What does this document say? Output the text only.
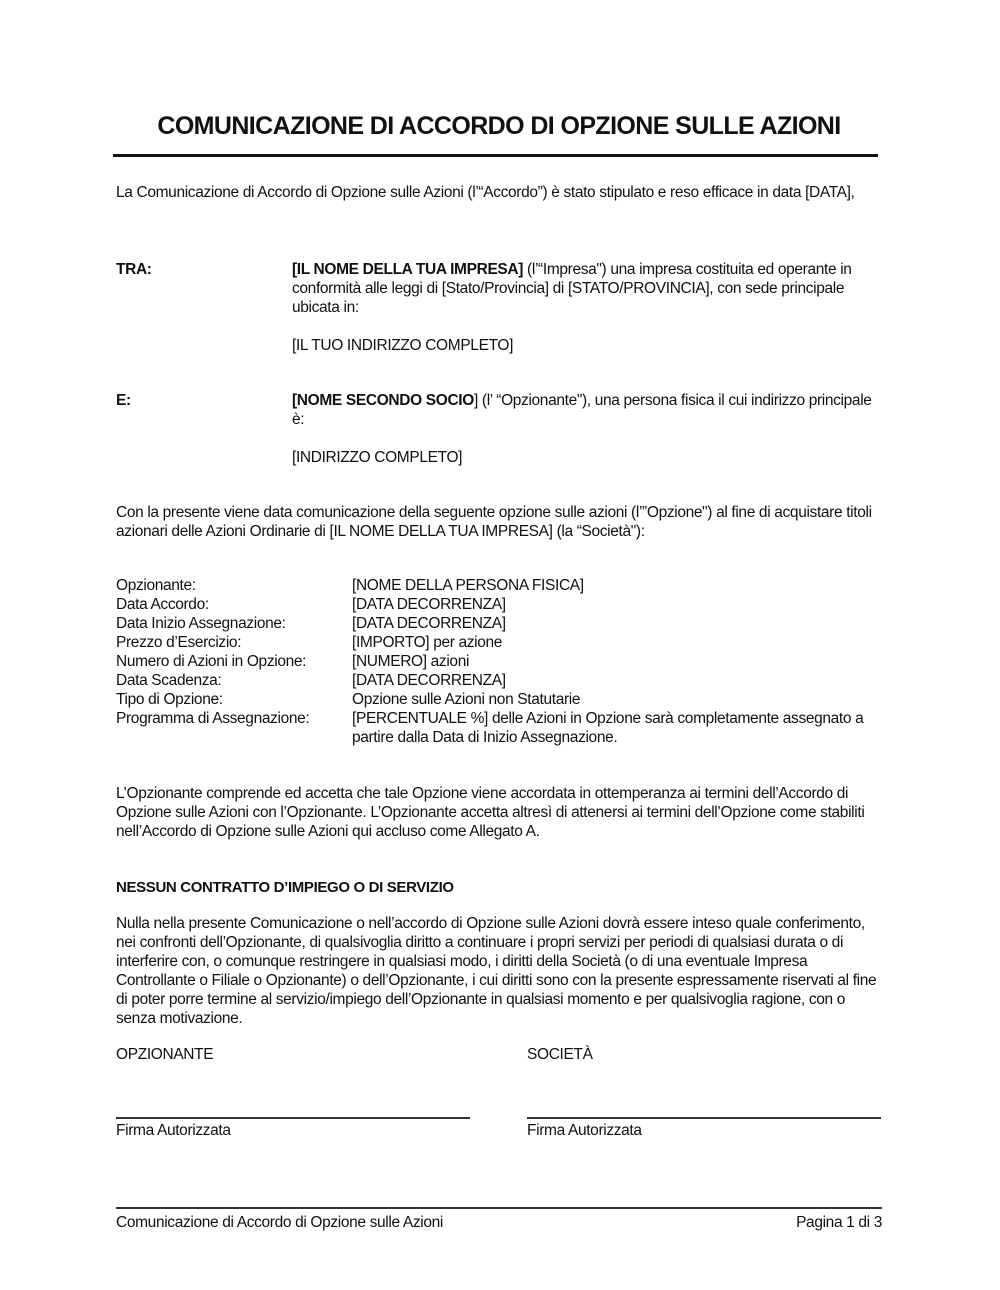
COMUNICAZIONE DI ACCORDO DI OPZIONE SULLE AZIONI

La Comunicazione di Accordo di Opzione sulle Azioni (l’“Accordo”) è stato stipulato e reso efficace in data [DATA],

TRA:	[IL NOME DELLA TUA IMPRESA] (l’“Impresa") una impresa costituita ed operante in conformità alle leggi di [Stato/Provincia] di [STATO/PROVINCIA], con sede principale ubicata in:

[IL TUO INDIRIZZO COMPLETO]

E:	[NOME SECONDO SOCIO] (l’ “Opzionante"), una persona fisica il cui indirizzo principale è:

[INDIRIZZO COMPLETO]

Con la presente viene data comunicazione della seguente opzione sulle azioni (l’”Opzione") al fine di acquistare titoli azionari delle Azioni Ordinarie di [IL NOME DELLA TUA IMPRESA] (la “Società"):

Opzionante:	[NOME DELLA PERSONA FISICA]
Data Accordo:	[DATA DECORRENZA]
Data Inizio Assegnazione:	[DATA DECORRENZA]
Prezzo d’Esercizio:	[IMPORTO] per azione
Numero di Azioni in Opzione:	[NUMERO] azioni
Data Scadenza:	[DATA DECORRENZA]
Tipo di Opzione:	Opzione sulle Azioni non Statutarie
Programma di Assegnazione:	[PERCENTUALE %] delle Azioni in Opzione sarà completamente assegnato a partire dalla Data di Inizio Assegnazione.

L’Opzionante comprende ed accetta che tale Opzione viene accordata in ottemperanza ai termini dell’Accordo di Opzione sulle Azioni con l’Opzionante. L’Opzionante accetta altresì di attenersi ai termini dell’Opzione come stabiliti nell’Accordo di Opzione sulle Azioni qui accluso come Allegato A.

NESSUN CONTRATTO D’IMPIEGO O DI SERVIZIO

Nulla nella presente Comunicazione o nell’accordo di Opzione sulle Azioni dovrà essere inteso quale conferimento, nei confronti dell’Opzionante, di qualsivoglia diritto a continuare i propri servizi per periodi di qualsiasi durata o di interferire con, o comunque restringere in qualsiasi modo, i diritti della Società (o di una eventuale Impresa Controllante o Filiale o Opzionante) o dell’Opzionante, i cui diritti sono con la presente espressamente riservati al fine di poter porre termine al servizio/impiego dell’Opzionante in qualsiasi momento e per qualsivoglia ragione, con o senza motivazione.

OPZIONANTE
Firma Autorizzata
SOCIETÀ
Firma Autorizzata
Comunicazione di Accordo di Opzione sulle Azioni	Pagina 1 di 3
